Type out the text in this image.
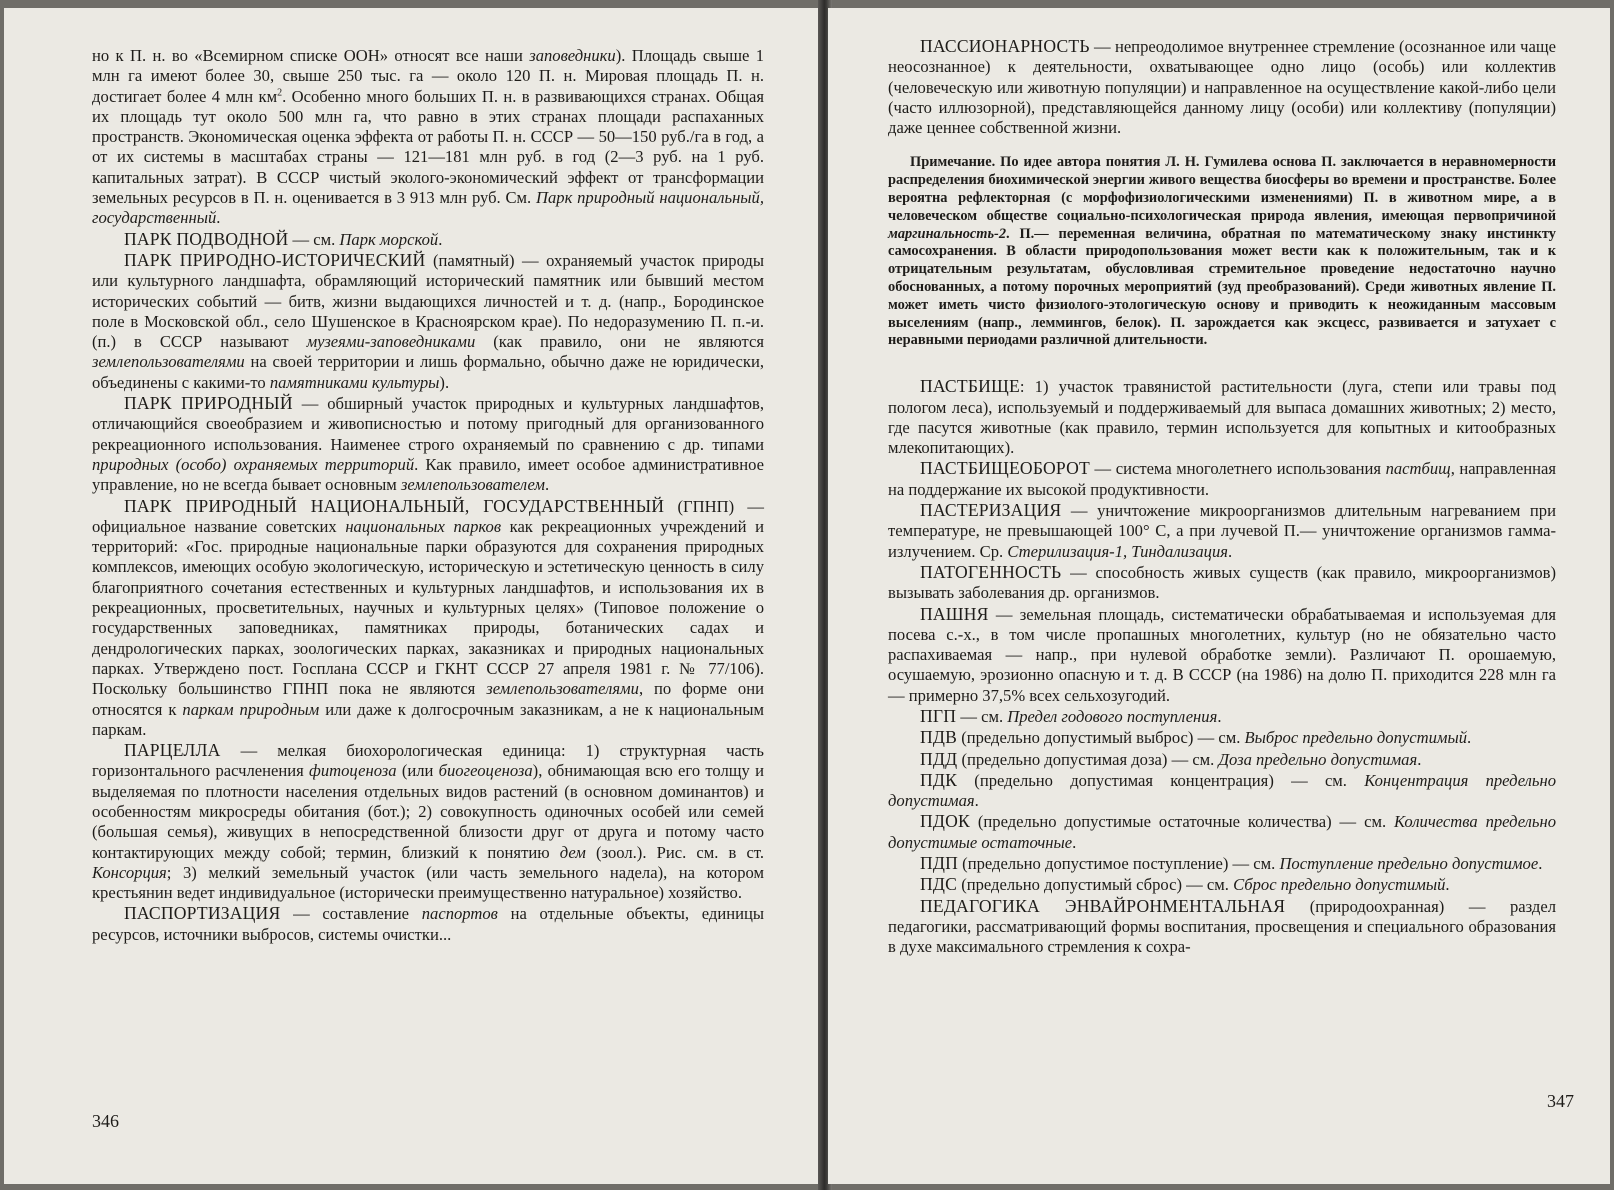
но к П. н. во «Всемирном списке ООН» относят все наши заповедники). Площадь свыше 1 млн га имеют более 30, свыше 250 тыс. га — около 120 П. н. Мировая площадь П. н. достигает более 4 млн $км^2$. Особенно много больших П. н. в развивающихся странах. Общая их площадь тут около 500 млн га, что равно в этих странах площади распаханных пространств. Экономическая оценка эффекта от работы П. н. СССР — 50—150 руб./га в год, а от их системы в масштабах страны — 121—181 млн руб. в год (2—3 руб. на 1 руб. капитальных затрат). В СССР чистый эколого-экономический эффект от трансформации земельных ресурсов в П. н. оценивается в 3 913 млн руб. См. Парк природный национальный, государственный.

ПАРК ПОДВОДНОЙ — см. Парк морской.

ПАРК ПРИРОДНО-ИСТОРИЧЕСКИЙ (памятный) — охраняемый участок природы или культурного ландшафта, обрамляющий исторический памятник или бывший местом исторических событий — битв, жизни выдающихся личностей и т. д. (напр., Бородинское поле в Московской обл., село Шушенское в Красноярском крае). По недоразумению П. п.-и. (п.) в СССР называют музеями-заповедниками (как правило, они не являются землепользователями на своей территории и лишь формально, обычно даже не юридически, объединены с какими-то памятниками культуры).

ПАРК ПРИРОДНЫЙ — обширный участок природных и культурных ландшафтов, отличающийся своеобразием и живописностью и потому пригодный для организованного рекреационного использования. Наименее строго охраняемый по сравнению с др. типами природных (особо) охраняемых территорий. Как правило, имеет особое административное управление, но не всегда бывает основным землепользователем.

ПАРК ПРИРОДНЫЙ НАЦИОНАЛЬНЫЙ, ГОСУДАРСТВЕННЫЙ (ГПНП) — официальное название советских национальных парков как рекреационных учреждений и территорий: «Гос. природные национальные парки образуются для сохранения природных комплексов, имеющих особую экологическую, историческую и эстетическую ценность в силу благоприятного сочетания естественных и культурных ландшафтов, и использования их в рекреационных, просветительных, научных и культурных целях» (Типовое положение о государственных заповедниках, памятниках природы, ботанических садах и дендрологических парках, зоологических парках, заказниках и природных национальных парках. Утверждено пост. Госплана СССР и ГКНТ СССР 27 апреля 1981 г. № 77/106). Поскольку большинство ГПНП пока не являются землепользователями, по форме они относятся к паркам природным или даже к долгосрочным заказникам, а не к национальным паркам.

ПАРЦЕЛЛА — мелкая биохорологическая единица: 1) структурная часть горизонтального расчленения фитоценоза (или биогеоценоза), обнимающая всю его толщу и выделяемая по плотности населения отдельных видов растений (в основном доминантов) и особенностям микросреды обитания (бот.); 2) совокупность одиночных особей или семей (большая семья), живущих в непосредственной близости друг от друга и потому часто контактирующих между собой; термин, близкий к понятию дем (зоол.). Рис. см. в ст. Консорция; 3) мелкий земельный участок (или часть земельного надела), на котором крестьянин ведет индивидуальное (исторически преимущественно натуральное) хозяйство.

ПАСПОРТИЗАЦИЯ — составление паспортов на отдельные объекты, единицы ресурсов, источники выбросов, системы очистки...

346

ПАССИОНАРНОСТЬ — непреодолимое внутреннее стремление (осознанное или чаще неосознанное) к деятельности, охватывающее одно лицо (особь) или коллектив (человеческую или животную популяции) и направленное на осуществление какой-либо цели (часто иллюзорной), представляющейся данному лицу (особи) или коллективу (популяции) даже ценнее собственной жизни.

Примечание. По идее автора понятия Л. Н. Гумилева основа П. заключается в неравномерности распределения биохимической энергии живого вещества биосферы во времени и пространстве. Более вероятна рефлекторная (с морфофизиологическими изменениями) П. в животном мире, а в человеческом обществе социально-психологическая природа явления, имеющая первопричиной маргинальность-2. П.— переменная величина, обратная по математическому знаку инстинкту самосохранения. В области природопользования может вести как к положительным, так и к отрицательным результатам, обусловливая стремительное проведение недостаточно научно обоснованных, а потому порочных мероприятий (зуд преобразований). Среди животных явление П. может иметь чисто физиолого-этологическую основу и приводить к неожиданным массовым выселениям (напр., леммингов, белок). П. зарождается как эксцесс, развивается и затухает с неравными периодами различной длительности.

ПАСТБИЩЕ: 1) участок травянистой растительности (луга, степи или травы под пологом леса), используемый и поддерживаемый для выпаса домашних животных; 2) место, где пасутся животные (как правило, термин используется для копытных и китообразных млекопитающих).

ПАСТБИЩЕОБОРОТ — система многолетнего использования пастбищ, направленная на поддержание их высокой продуктивности.

ПАСТЕРИЗАЦИЯ — уничтожение микроорганизмов длительным нагреванием при температуре, не превышающей 100° С, а при лучевой П.— уничтожение организмов гамма-излучением. Ср. Стерилизация-1, Тиндализация.

ПАТОГЕННОСТЬ — способность живых существ (как правило, микроорганизмов) вызывать заболевания др. организмов.

ПАШНЯ — земельная площадь, систематически обрабатываемая и используемая для посева с.-х., в том числе пропашных многолетних, культур (но не обязательно часто распахиваемая — напр., при нулевой обработке земли). Различают П. орошаемую, осушаемую, эрозионно опасную и т. д. В СССР (на 1986) на долю П. приходится 228 млн га — примерно 37,5% всех сельхозугодий.

ПГП — см. Предел годового поступления.

ПДВ (предельно допустимый выброс) — см. Выброс предельно допустимый.

ПДД (предельно допустимая доза) — см. Доза предельно допустимая.

ПДК (предельно допустимая концентрация) — см. Концентрация предельно допустимая.

ПДОК (предельно допустимые остаточные количества) — см. Количества предельно допустимые остаточные.

ПДП (предельно допустимое поступление) — см. Поступление предельно допустимое.

ПДС (предельно допустимый сброс) — см. Сброс предельно допустимый.

ПЕДАГОГИКА ЭНВАЙРОНМЕНТАЛЬНАЯ (природоохранная) — раздел педагогики, рассматривающий формы воспитания, просвещения и специального образования в духе максимального стремления к сохра-

347
